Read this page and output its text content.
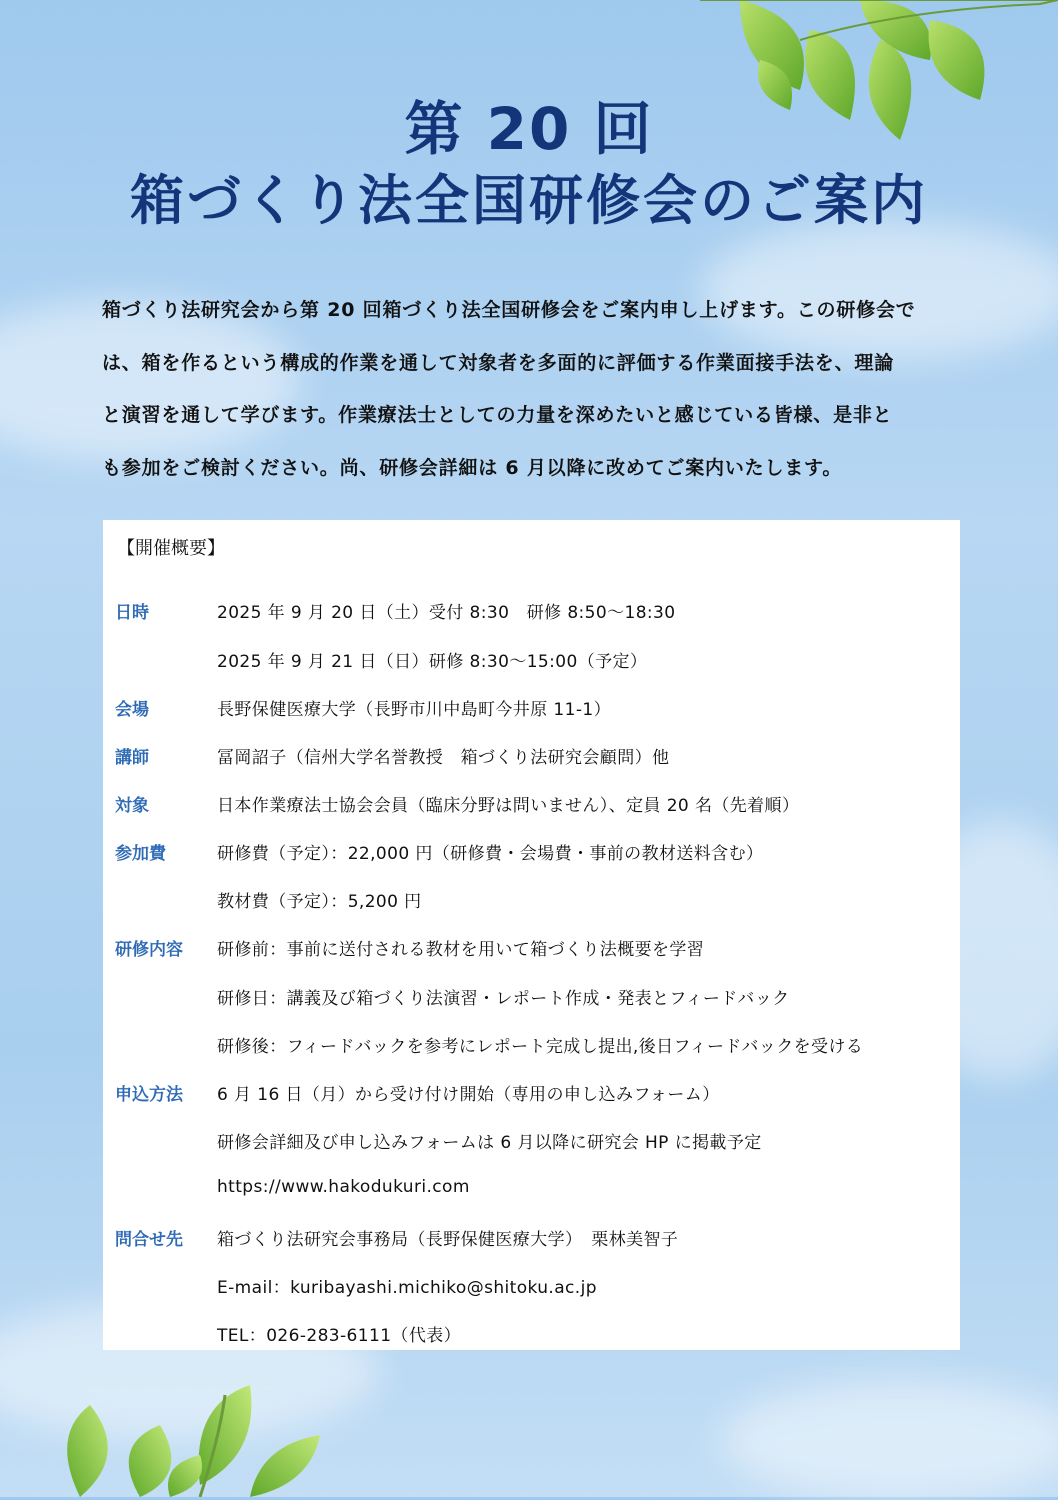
第 20 回
箱づくり法全国研修会のご案内
箱づくり法研究会から第 20 回箱づくり法全国研修会をご案内申し上げます。この研修会で
は、箱を作るという構成的作業を通して対象者を多面的に評価する作業面接手法を、理論
と演習を通して学びます。作業療法士としての力量を深めたいと感じている皆様、是非と
も参加をご検討ください。尚、研修会詳細は 6 月以降に改めてご案内いたします。
【開催概要】
日時	2025 年 9 月 20 日（土）受付 8:30　研修 8:50～18:30
2025 年 9 月 21 日（日）研修 8:30～15:00（予定）
会場	長野保健医療大学（長野市川中島町今井原 11-1）
講師	冨岡詔子（信州大学名誉教授　箱づくり法研究会顧問）他
対象	日本作業療法士協会会員（臨床分野は問いません）、定員 20 名（先着順）
参加費	研修費（予定）：22,000 円（研修費・会場費・事前の教材送料含む）
教材費（予定）：5,200 円
研修内容 研修前：事前に送付される教材を用いて箱づくり法概要を学習
研修日：講義及び箱づくり法演習・レポート作成・発表とフィードバック
研修後：フィードバックを参考にレポート完成し提出,後日フィードバックを受ける
申込方法 6 月 16 日（月）から受け付け開始（専用の申し込みフォーム）
研修会詳細及び申し込みフォームは 6 月以降に研究会 HP に掲載予定
https://www.hakodukuri.com
問合せ先 箱づくり法研究会事務局（長野保健医療大学）　栗林美智子
E-mail：kuribayashi.michiko@shitoku.ac.jp
TEL：026-283-6111（代表）
